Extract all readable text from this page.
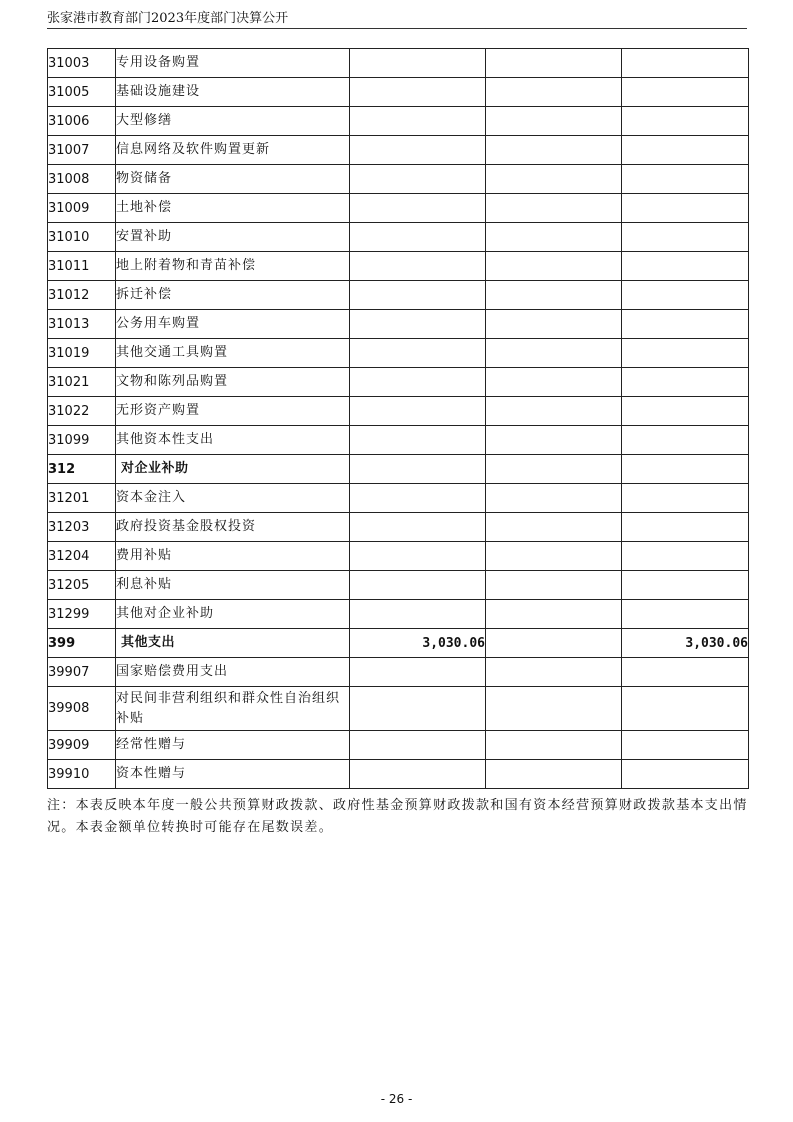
张家港市教育部门2023年度部门决算公开
31003	专用设备购置			
31005	基础设施建设			
31006	大型修缮			
31007	信息网络及软件购置更新			
31008	物资储备			
31009	土地补偿			
31010	安置补助			
31011	地上附着物和青苗补偿			
31012	拆迁补偿			
31013	公务用车购置			
31019	其他交通工具购置			
31021	文物和陈列品购置			
31022	无形资产购置			
31099	其他资本性支出			
312	对企业补助			
31201	资本金注入			
31203	政府投资基金股权投资			
31204	费用补贴			
31205	利息补贴			
31299	其他对企业补助			
399	其他支出	3,030.06		3,030.06
39907	国家赔偿费用支出			
39908	对民间非营利组织和群众性自治组织补贴			
39909	经常性赠与			
39910	资本性赠与			
注：本表反映本年度一般公共预算财政拨款、政府性基金预算财政拨款和国有资本经营预算财政拨款基本支出情况。本表金额单位转换时可能存在尾数误差。
- 26 -
